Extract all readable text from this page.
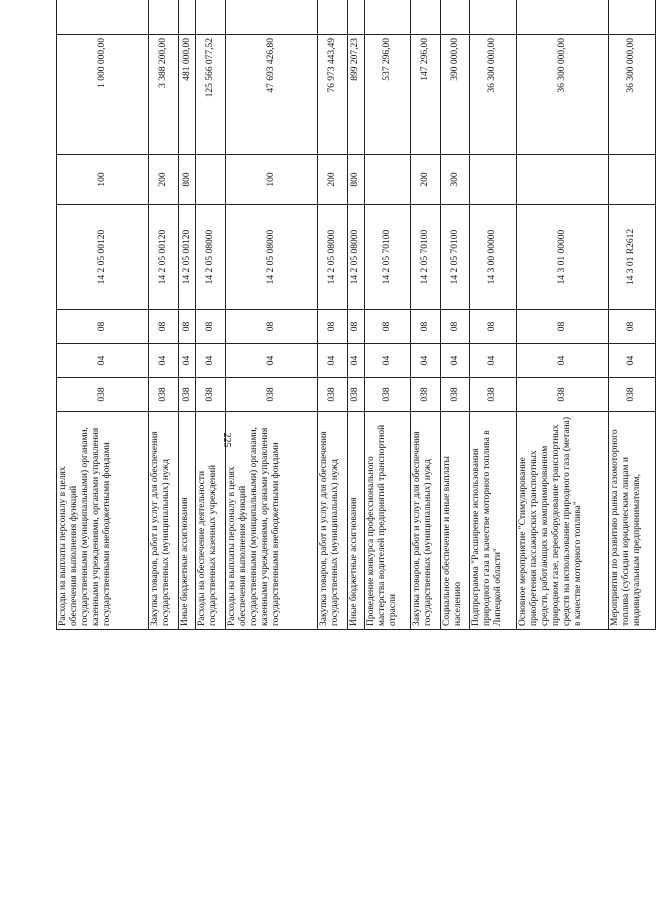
225
Расходы на выплаты персоналу в целях обеспечения выполнения функций государственными (муниципальными) органами, казенными учреждениями, органами управления государственными внебюджетными фондами	038	04	08	14 2 05 00120	100	1 000 000,00		
Закупка товаров, работ и услуг для обеспечения государственных (муниципальных) нужд	038	04	08	14 2 05 00120	200	3 388 200,00		
Иные бюджетные ассигнования	038	04	08	14 2 05 00120	800	481 000,00		
Расходы на обеспечение деятельности государственных казенных учреждений	038	04	08	14 2 05 08000		125 566 077,52		
Расходы на выплаты персоналу в целях обеспечения выполнения функций государственными (муниципальными) органами, казенными учреждениями, органами управления государственными внебюджетными фондами	038	04	08	14 2 05 08000	100	47 693 426,80		
Закупка товаров, работ и услуг для обеспечения государственных (муниципальных) нужд	038	04	08	14 2 05 08000	200	76 973 443,49		
Иные бюджетные ассигнования	038	04	08	14 2 05 08000	800	899 207,23		
Проведение конкурса профессионального мастерства водителей предприятий транспортной отрасли	038	04	08	14 2 05 70100		537 296,00		
Закупка товаров, работ и услуг для обеспечения государственных (муниципальных) нужд	038	04	08	14 2 05 70100	200	147 296,00		
Социальное обеспечение и иные выплаты населению	038	04	08	14 2 05 70100	300	390 000,00		
Подпрограмма "Расширение использования природного газа в качестве моторного топлива в Липецкой области"	038	04	08	14 3 00 00000		36 300 000,00		
Основное мероприятие "Стимулирование приобретения пассажирских транспортных средств, работающих на компримированном природном газе, переоборудование транспортных средств на использование природного газа (метана) в качестве моторного топлива"	038	04	08	14 3 01 00000		36 300 000,00		
Мероприятия по развитию рынка газомоторного топлива (субсидии юридическим лицам и индивидуальным предпринимателям,	038	04	08	14 3 01 R2612		36 300 000,00		
